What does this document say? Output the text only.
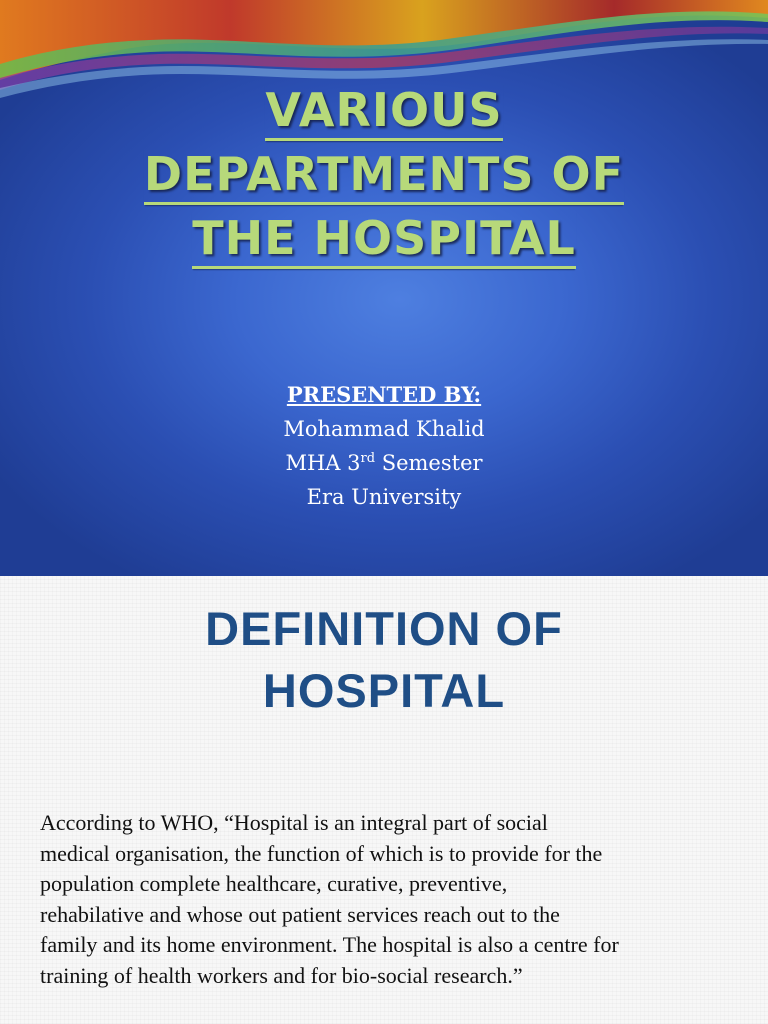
VARIOUS
DEPARTMENTS OF
THE HOSPITAL
PRESENTED BY:
Mohammad Khalid
MHA 3rd Semester
Era University
DEFINITION OF
HOSPITAL
According to WHO, “Hospital is an integral part of social
medical organisation, the function of which is to provide for the
population complete healthcare, curative, preventive,
rehabilative and whose out patient services reach out to the
family and its home environment. The hospital is also a centre for
training of health workers and for bio-social research.”
